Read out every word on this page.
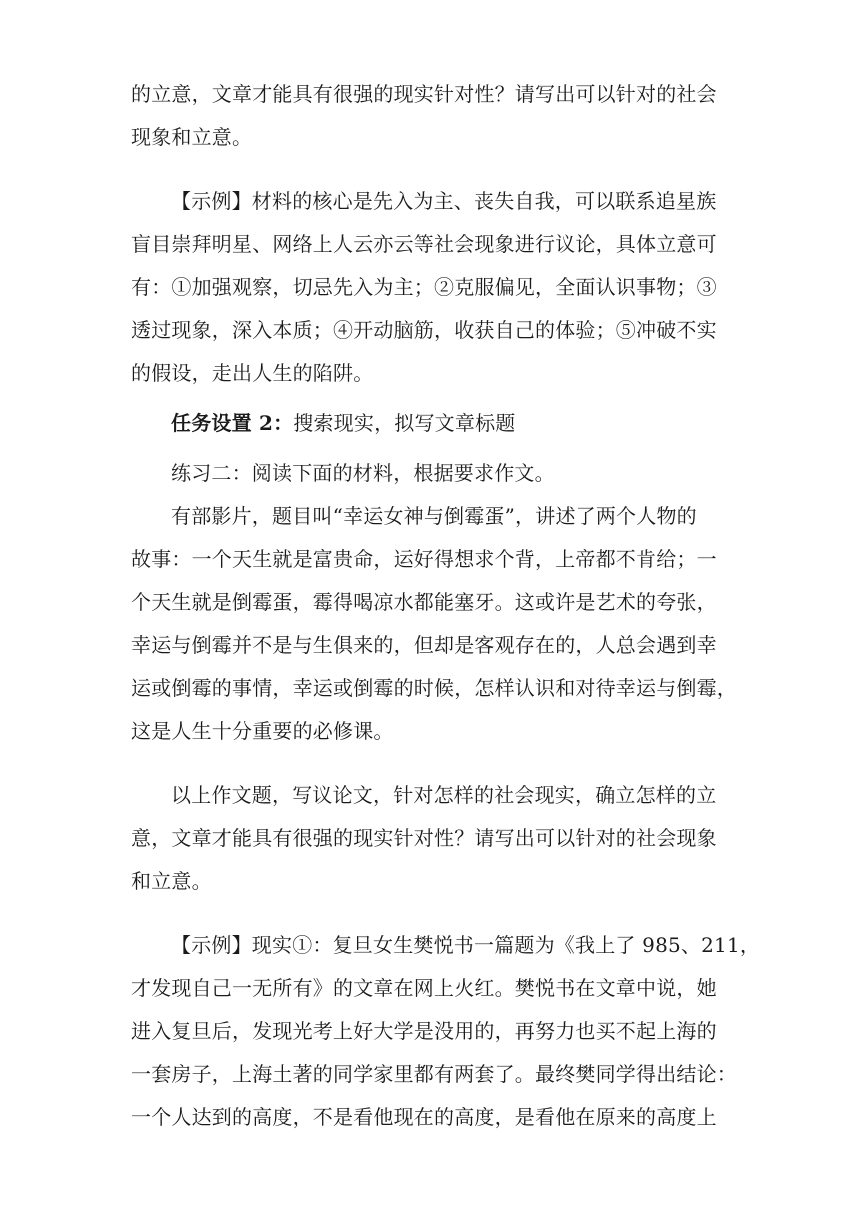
的立意，文章才能具有很强的现实针对性？请写出可以针对的社会
现象和立意。
【示例】材料的核心是先入为主、丧失自我，可以联系追星族
盲目崇拜明星、网络上人云亦云等社会现象进行议论，具体立意可
有：①加强观察，切忌先入为主；②克服偏见，全面认识事物；③
透过现象，深入本质；④开动脑筋，收获自己的体验；⑤冲破不实
的假设，走出人生的陷阱。
任务设置 2：搜索现实，拟写文章标题
练习二：阅读下面的材料，根据要求作文。
有部影片，题目叫“幸运女神与倒霉蛋”，讲述了两个人物的
故事：一个天生就是富贵命，运好得想求个背，上帝都不肯给；一
个天生就是倒霉蛋，霉得喝凉水都能塞牙。这或许是艺术的夸张，
幸运与倒霉并不是与生俱来的，但却是客观存在的，人总会遇到幸
运或倒霉的事情，幸运或倒霉的时候，怎样认识和对待幸运与倒霉，
这是人生十分重要的必修课。
以上作文题，写议论文，针对怎样的社会现实，确立怎样的立
意，文章才能具有很强的现实针对性？请写出可以针对的社会现象
和立意。
【示例】现实①：复旦女生樊悦书一篇题为《我上了 985、211，
才发现自己一无所有》的文章在网上火红。樊悦书在文章中说，她
进入复旦后，发现光考上好大学是没用的，再努力也买不起上海的
一套房子，上海土著的同学家里都有两套了。最终樊同学得出结论：
一个人达到的高度，不是看他现在的高度，是看他在原来的高度上
